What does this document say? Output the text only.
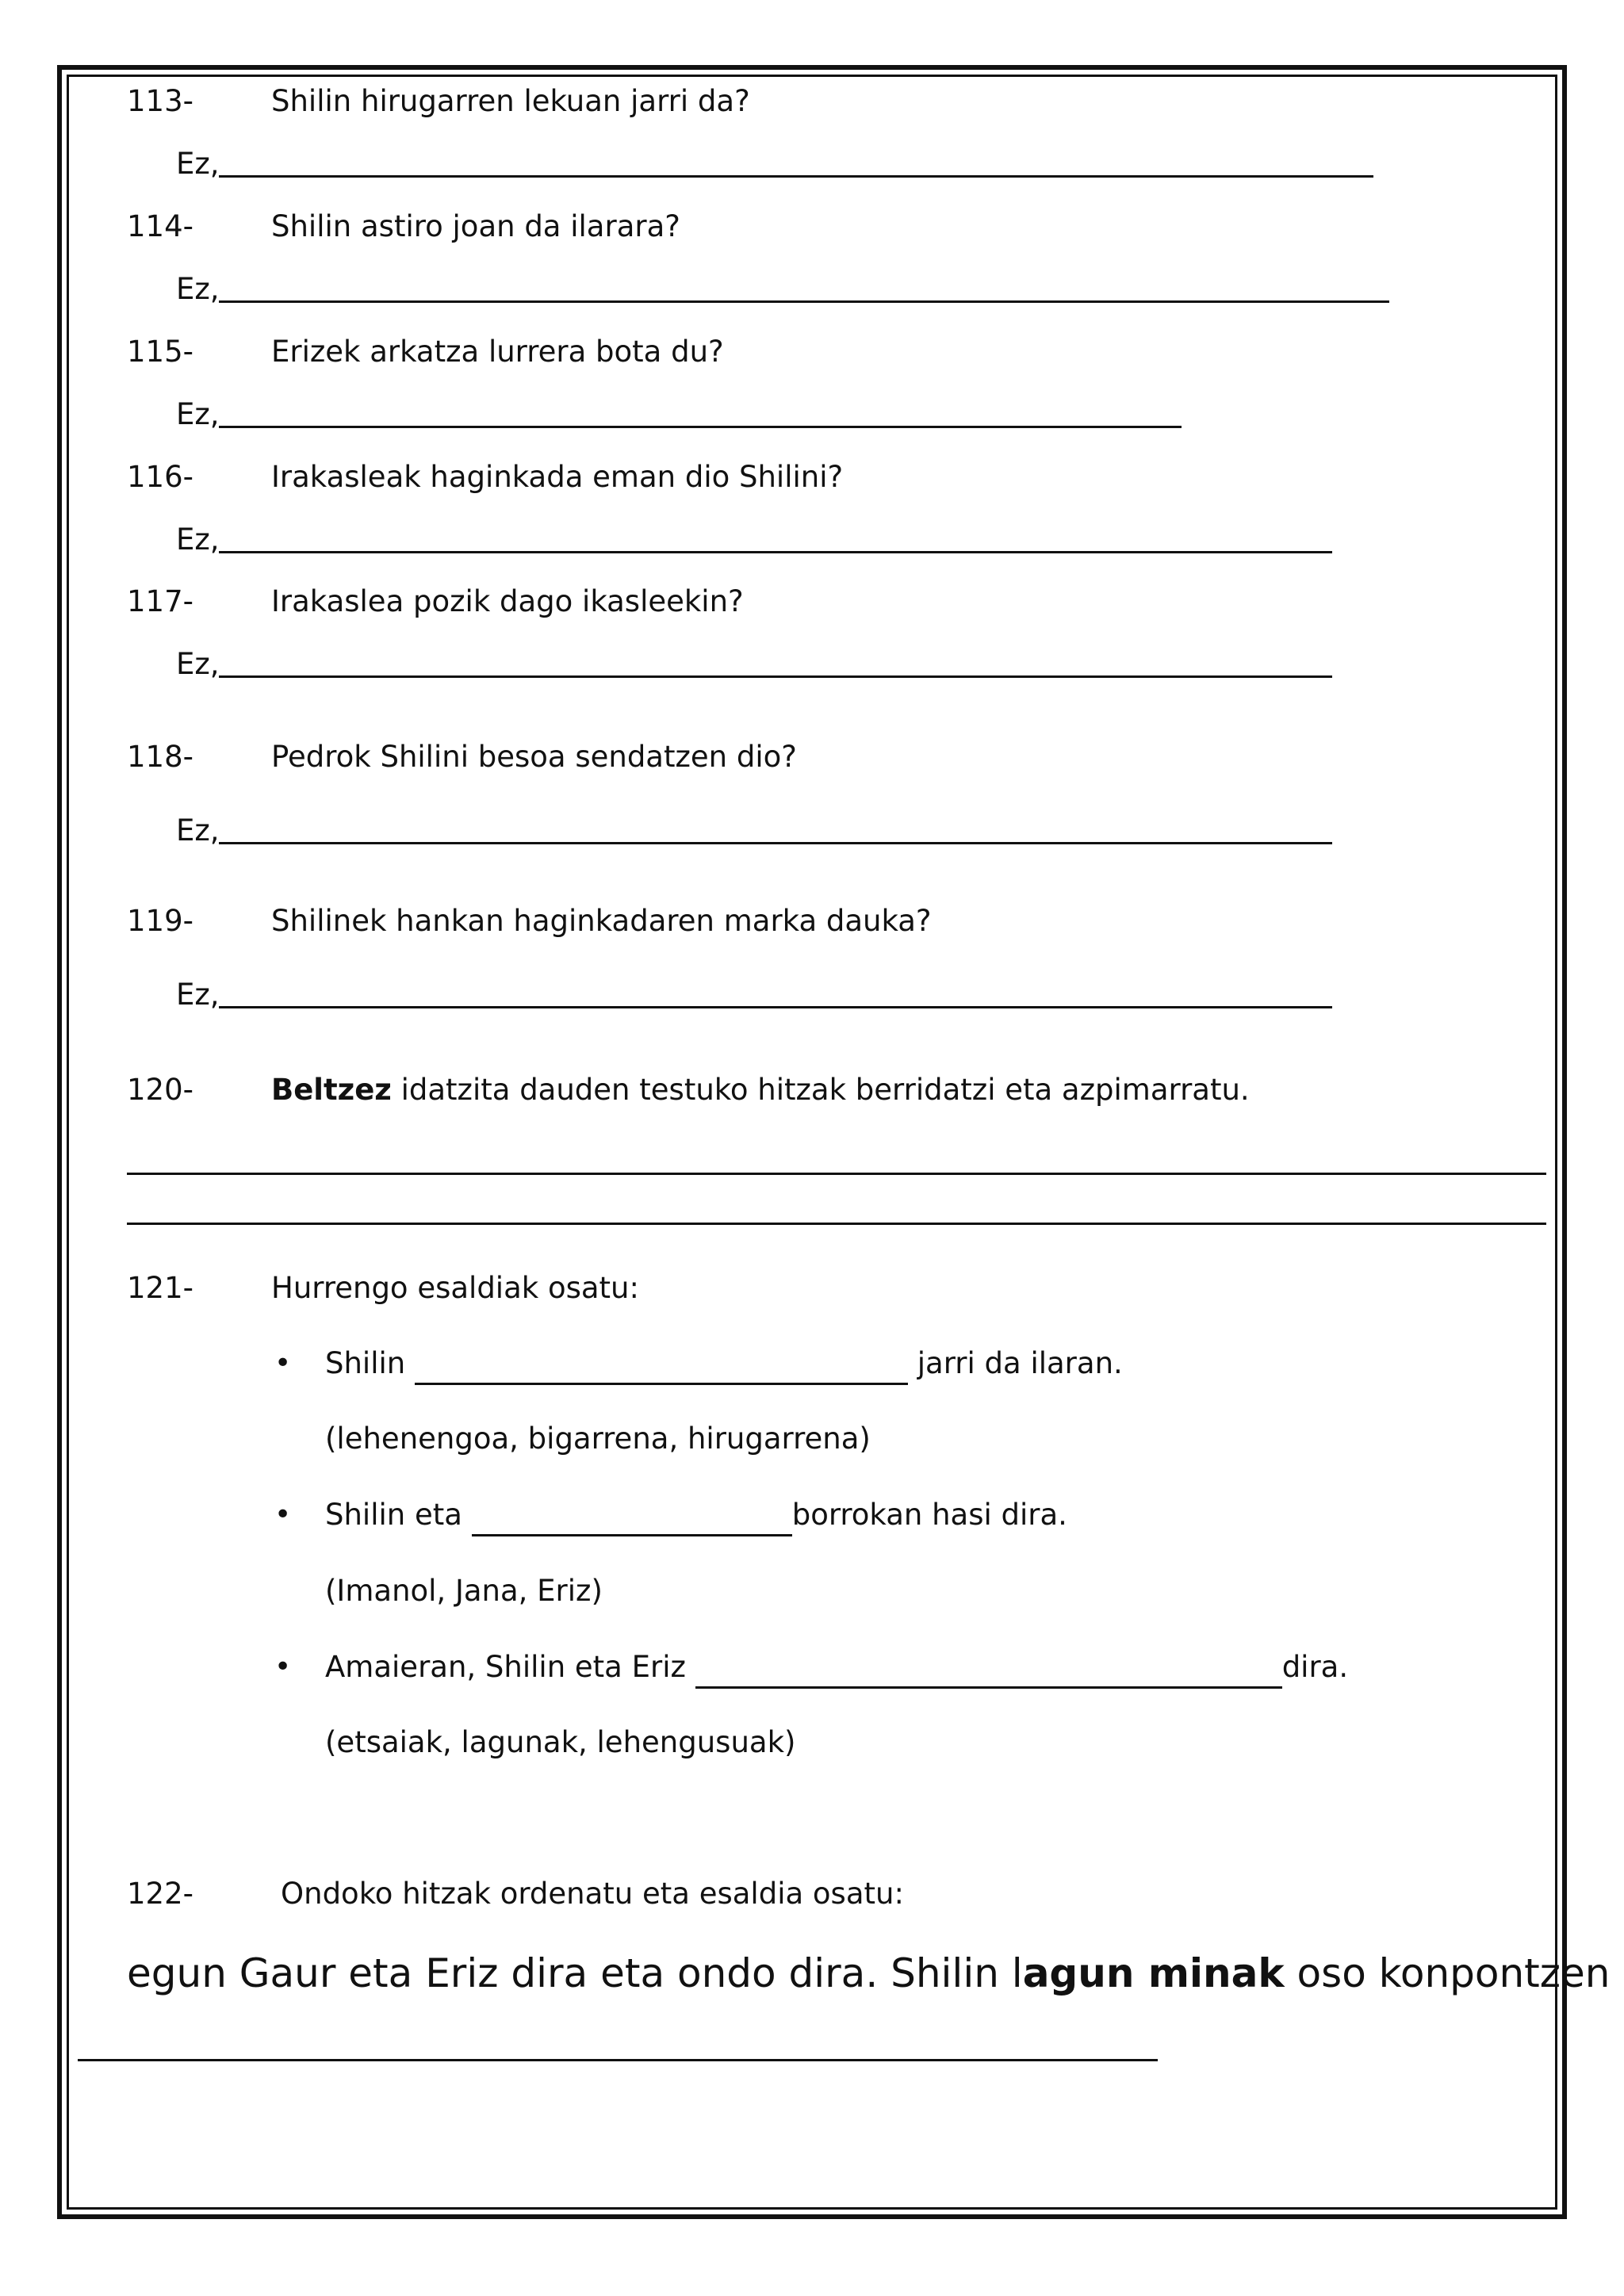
113-	Shilin hirugarren lekuan jarri da?
Ez,
114-	Shilin astiro joan da ilarara?
Ez,
115-	Erizek arkatza lurrera bota du?
Ez,
116-	Irakasleak haginkada eman dio Shilini?
Ez,
117-	Irakaslea pozik dago ikasleekin?
Ez,
118-	Pedrok Shilini besoa sendatzen dio?
Ez,
119-	Shilinek hankan haginkadaren marka dauka?
Ez,
120-	Beltzez idatzita dauden testuko hitzak berridatzi eta azpimarratu.
121-	Hurrengo esaldiak osatu:
• Shilin	jarri da ilaran.
(lehenengoa, bigarrena, hirugarrena)
• Shilin eta	borrokan hasi dira.
(Imanol, Jana, Eriz)
• Amaieran, Shilin eta Eriz	dira.
(etsaiak, lagunak, lehengusuak)
122-	Ondoko hitzak ordenatu eta esaldia osatu:
egun Gaur eta Eriz dira eta ondo dira. Shilin lagun minak oso konpontzen
